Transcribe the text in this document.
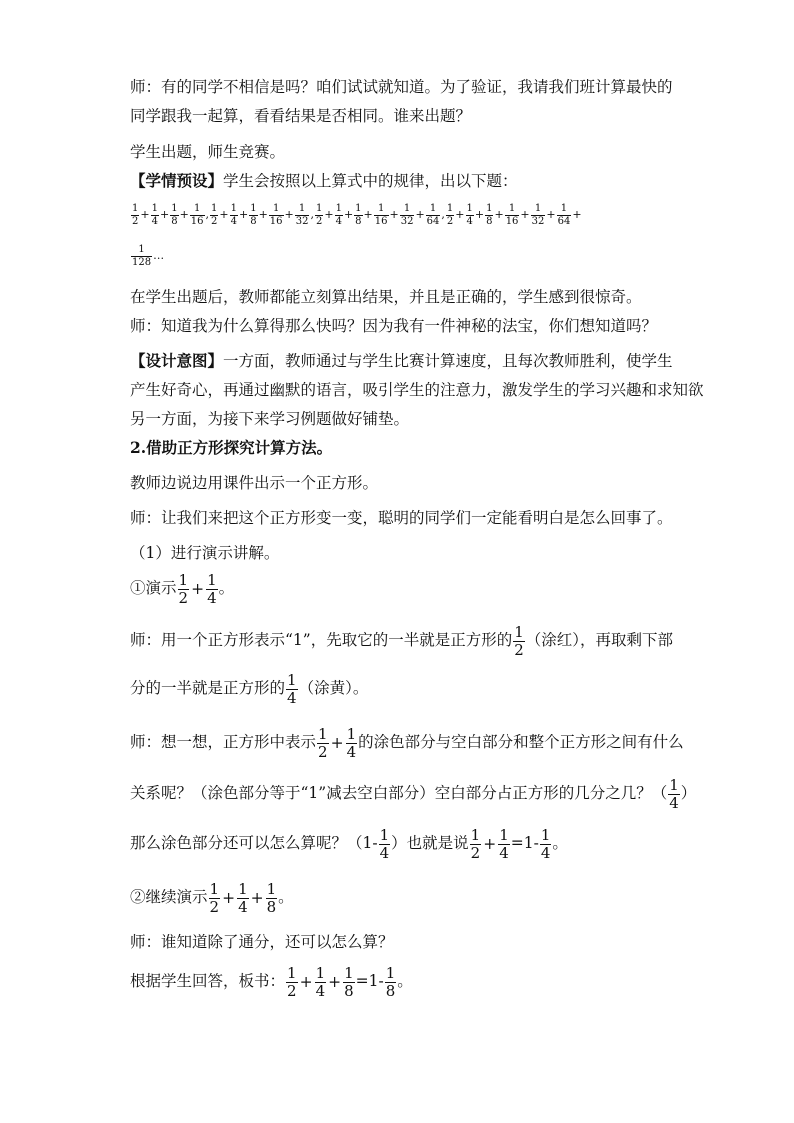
师：有的同学不相信是吗？咱们试试就知道。为了验证，我请我们班计算最快的
同学跟我一起算，看看结果是否相同。谁来出题？
学生出题，师生竞赛。
【学情预设】学生会按照以上算式中的规律，出以下题：
$\frac{1}{2} + \frac{1}{4} + \frac{1}{8} + \frac{1}{16}$ , $\frac{1}{2} + \frac{1}{4} + \frac{1}{8} + \frac{1}{16} + \frac{1}{32}$ , $\frac{1}{2} + \frac{1}{4} + \frac{1}{8} + \frac{1}{16} + \frac{1}{32} + \frac{1}{64}$ , $\frac{1}{2} + \frac{1}{4} + \frac{1}{8} + \frac{1}{16} + \frac{1}{32} + \frac{1}{64}$ +
$\frac{1}{128}$ …
在学生出题后，教师都能立刻算出结果，并且是正确的，学生感到很惊奇。
师：知道我为什么算得那么快吗？因为我有一件神秘的法宝，你们想知道吗？
【设计意图】一方面，教师通过与学生比赛计算速度，且每次教师胜利，使学生
产生好奇心，再通过幽默的语言，吸引学生的注意力，激发学生的学习兴趣和求知欲
另一方面，为接下来学习例题做好铺垫。
2.借助正方形探究计算方法。
教师边说边用课件出示一个正方形。
师：让我们来把这个正方形变一变，聪明的同学们一定能看明白是怎么回事了。
（1）进行演示讲解。
①演示 $\frac{1}{2} + \frac{1}{4}$ 。
师：用一个正方形表示“1”，先取它的一半就是正方形的 $\frac{1}{2}$ （涂红），再取剩下部
分的一半就是正方形的 $\frac{1}{4}$ （涂黄）。
师：想一想，正方形中表示 $\frac{1}{2} + \frac{1}{4}$ 的涂色部分与空白部分和整个正方形之间有什么
关系呢？（涂色部分等于“1”减去空白部分）空白部分占正方形的几分之几？（ $\frac{1}{4}$ ）
那么涂色部分还可以怎么算呢？（$1- \frac{1}{4}$ ）也就是说 $\frac{1}{2} + \frac{1}{4} =1- \frac{1}{4}$ 。
②继续演示 $\frac{1}{2} + \frac{1}{4} + \frac{1}{8}$ 。
师：谁知道除了通分，还可以怎么算？
根据学生回答，板书： $\frac{1}{2} + \frac{1}{4} + \frac{1}{8} =1- \frac{1}{8}$ 。
